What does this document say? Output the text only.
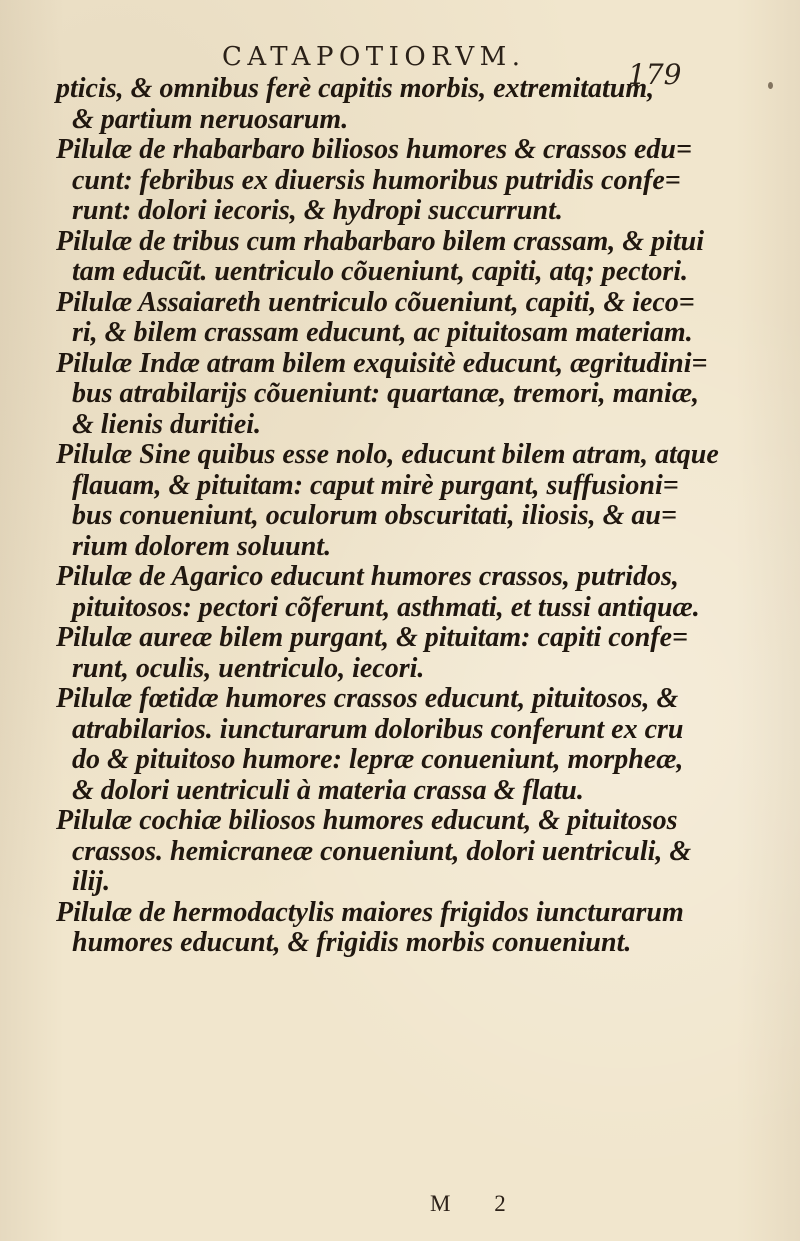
CATAPOTIORVM.
179
pticis, & omnibus ferè capitis morbis, extremitatum,
& partium neruosarum.
Pilulæ de rhabarbaro biliosos humores & crassos edu=
cunt: febribus ex diuersis humoribus putridis confe=
runt: dolori iecoris, & hydropi succurrunt.
Pilulæ de tribus cum rhabarbaro bilem crassam, & pitui
tam educũt. uentriculo cõueniunt, capiti, atq; pectori.
Pilulæ Assaiareth uentriculo cõueniunt, capiti, & ieco=
ri, & bilem crassam educunt, ac pituitosam materiam.
Pilulæ Indæ atram bilem exquisitè educunt, ægritudini=
bus atrabilarijs cõueniunt: quartanæ, tremori, maniæ,
& lienis duritiei.
Pilulæ Sine quibus esse nolo, educunt bilem atram, atque
flauam, & pituitam: caput mirè purgant, suffusioni=
bus conueniunt, oculorum obscuritati, iliosis, & au=
rium dolorem soluunt.
Pilulæ de Agarico educunt humores crassos, putridos,
pituitosos: pectori cõferunt, asthmati, et tussi antiquæ.
Pilulæ aureæ bilem purgant, & pituitam: capiti confe=
runt, oculis, uentriculo, iecori.
Pilulæ fœtidæ humores crassos educunt, pituitosos, &
atrabilarios. iuncturarum doloribus conferunt ex cru
do & pituitoso humore: lepræ conueniunt, morpheæ,
& dolori uentriculi à materia crassa & flatu.
Pilulæ cochiæ biliosos humores educunt, & pituitosos
crassos. hemicraneæ conueniunt, dolori uentriculi, &
ilij.
Pilulæ de hermodactylis maiores frigidos iuncturarum
humores educunt, & frigidis morbis conueniunt.
M 2
